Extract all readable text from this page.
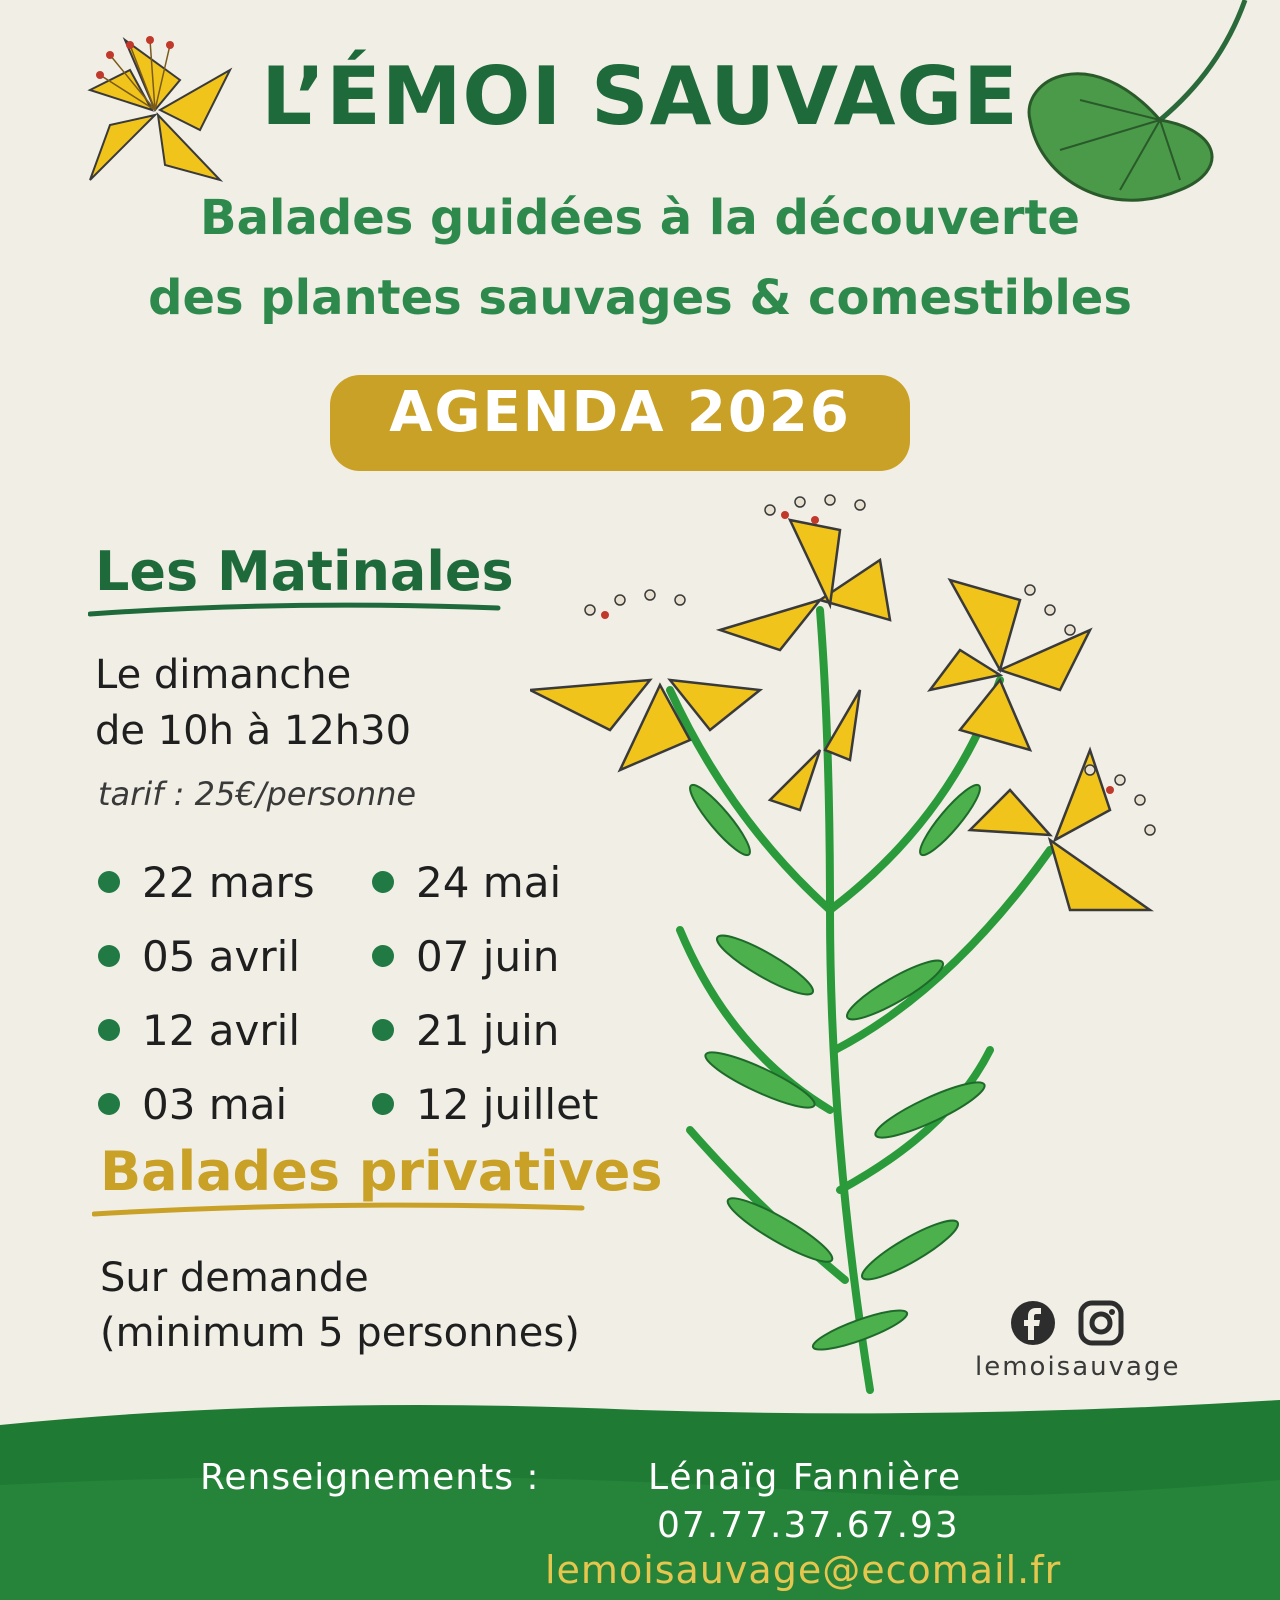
L’ÉMOI SAUVAGE
Balades guidées à la découverte
des plantes sauvages & comestibles
AGENDA 2026
Les Matinales
Le dimanche
de 10h à 12h30
tarif : 25€/personne
22 mars
05 avril
12 avril
03 mai
24 mai
07 juin
21 juin
12 juillet
Balades privatives
Sur demande
(minimum 5 personnes)
lemoisauvage
Renseignements :	Lénaïg Fannière
07.77.37.67.93
lemoisauvage@ecomail.fr
